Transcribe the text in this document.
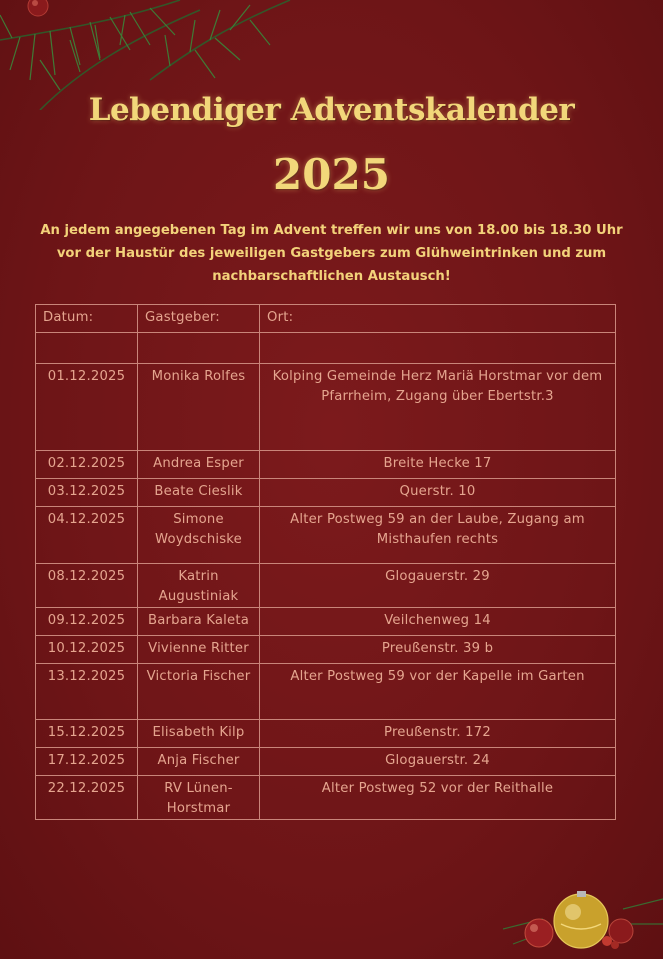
Lebendiger Adventskalender
2025
An jedem angegebenen Tag im Advent treffen wir uns von 18.00 bis 18.30 Uhr vor der Haustür des jeweiligen Gastgebers zum Glühweintrinken und zum nachbarschaftlichen Austausch!
Datum:	Gastgeber:	Ort:

01.12.2025	Monika Rolfes	Kolping Gemeinde Herz Mariä Horstmar vor dem Pfarrheim, Zugang über Ebertstr.3
02.12.2025	Andrea Esper	Breite Hecke 17
03.12.2025	Beate Cieslik	Querstr. 10
04.12.2025	Simone Woydschiske	Alter Postweg 59 an der Laube, Zugang am Misthaufen rechts
08.12.2025	Katrin Augustiniak	Glogauerstr. 29
09.12.2025	Barbara Kaleta	Veilchenweg 14
10.12.2025	Vivienne Ritter	Preußenstr. 39 b
13.12.2025	Victoria Fischer	Alter Postweg 59 vor der Kapelle im Garten
15.12.2025	Elisabeth Kilp	Preußenstr. 172
17.12.2025	Anja Fischer	Glogauerstr. 24
22.12.2025	RV Lünen-Horstmar	Alter Postweg 52 vor der Reithalle
